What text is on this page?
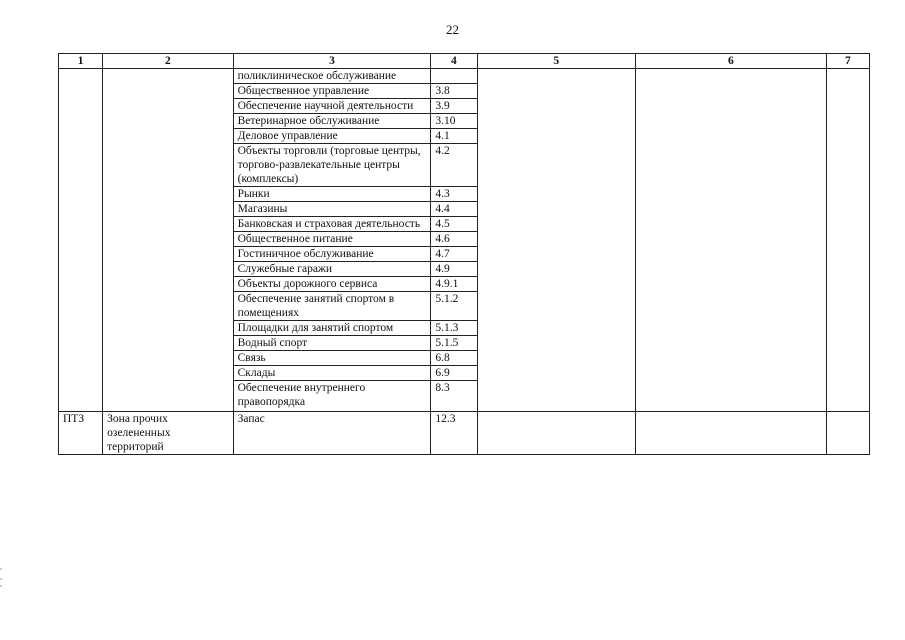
22
1	2	3	4	5	6	7
		поликлиническое обслуживание				
		Общественное управление	3.8			
		Обеспечение научной деятельности	3.9			
		Ветеринарное обслуживание	3.10			
		Деловое управление	4.1			
		Объекты торговли (торговые центры, торгово-развлекательные центры (комплексы)	4.2			
		Рынки	4.3			
		Магазины	4.4			
		Банковская и страховая деятельность	4.5			
		Общественное питание	4.6			
		Гостиничное обслуживание	4.7			
		Служебные гаражи	4.9			
		Объекты дорожного сервиса	4.9.1			
		Обеспечение занятий спортом в помещениях	5.1.2			
		Площадки для занятий спортом	5.1.3			
		Водный спорт	5.1.5			
		Связь	6.8			
		Склады	6.9			
		Обеспечение внутреннего правопорядка	8.3			
ПТЗ	Зона прочих озелененных территорий	Запас	12.3			
